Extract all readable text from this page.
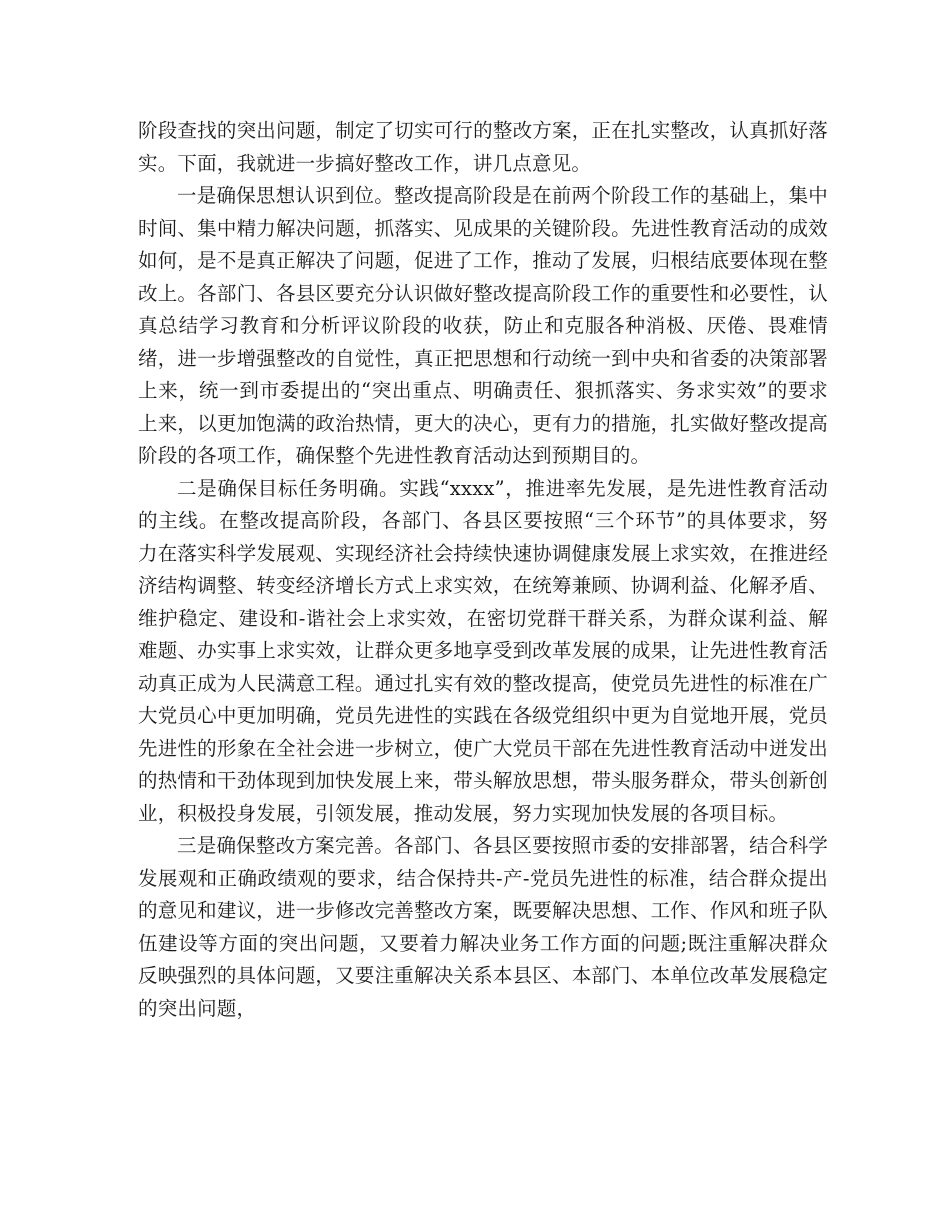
阶段查找的突出问题，制定了切实可行的整改方案，正在扎实整改，认真抓好落实。下面，我就进一步搞好整改工作，讲几点意见。

一是确保思想认识到位。整改提高阶段是在前两个阶段工作的基础上，集中时间、集中精力解决问题，抓落实、见成果的关键阶段。先进性教育活动的成效如何，是不是真正解决了问题，促进了工作，推动了发展，归根结底要体现在整改上。各部门、各县区要充分认识做好整改提高阶段工作的重要性和必要性，认真总结学习教育和分析评议阶段的收获，防止和克服各种消极、厌倦、畏难情绪，进一步增强整改的自觉性，真正把思想和行动统一到中央和省委的决策部署上来，统一到市委提出的“突出重点、明确责任、狠抓落实、务求实效”的要求上来，以更加饱满的政治热情，更大的决心，更有力的措施，扎实做好整改提高阶段的各项工作，确保整个先进性教育活动达到预期目的。

二是确保目标任务明确。实践“xxxx”，推进率先发展，是先进性教育活动的主线。在整改提高阶段，各部门、各县区要按照“三个环节”的具体要求，努力在落实科学发展观、实现经济社会持续快速协调健康发展上求实效，在推进经济结构调整、转变经济增长方式上求实效，在统筹兼顾、协调利益、化解矛盾、维护稳定、建设和-谐社会上求实效，在密切党群干群关系，为群众谋利益、解难题、办实事上求实效，让群众更多地享受到改革发展的成果，让先进性教育活动真正成为人民满意工程。通过扎实有效的整改提高，使党员先进性的标准在广大党员心中更加明确，党员先进性的实践在各级党组织中更为自觉地开展，党员先进性的形象在全社会进一步树立，使广大党员干部在先进性教育活动中迸发出的热情和干劲体现到加快发展上来，带头解放思想，带头服务群众，带头创新创业，积极投身发展，引领发展，推动发展，努力实现加快发展的各项目标。

三是确保整改方案完善。各部门、各县区要按照市委的安排部署，结合科学发展观和正确政绩观的要求，结合保持共-产-党员先进性的标准，结合群众提出的意见和建议，进一步修改完善整改方案，既要解决思想、工作、作风和班子队伍建设等方面的突出问题，又要着力解决业务工作方面的问题;既注重解决群众反映强烈的具体问题，又要注重解决关系本县区、本部门、本单位改革发展稳定的突出问题，
